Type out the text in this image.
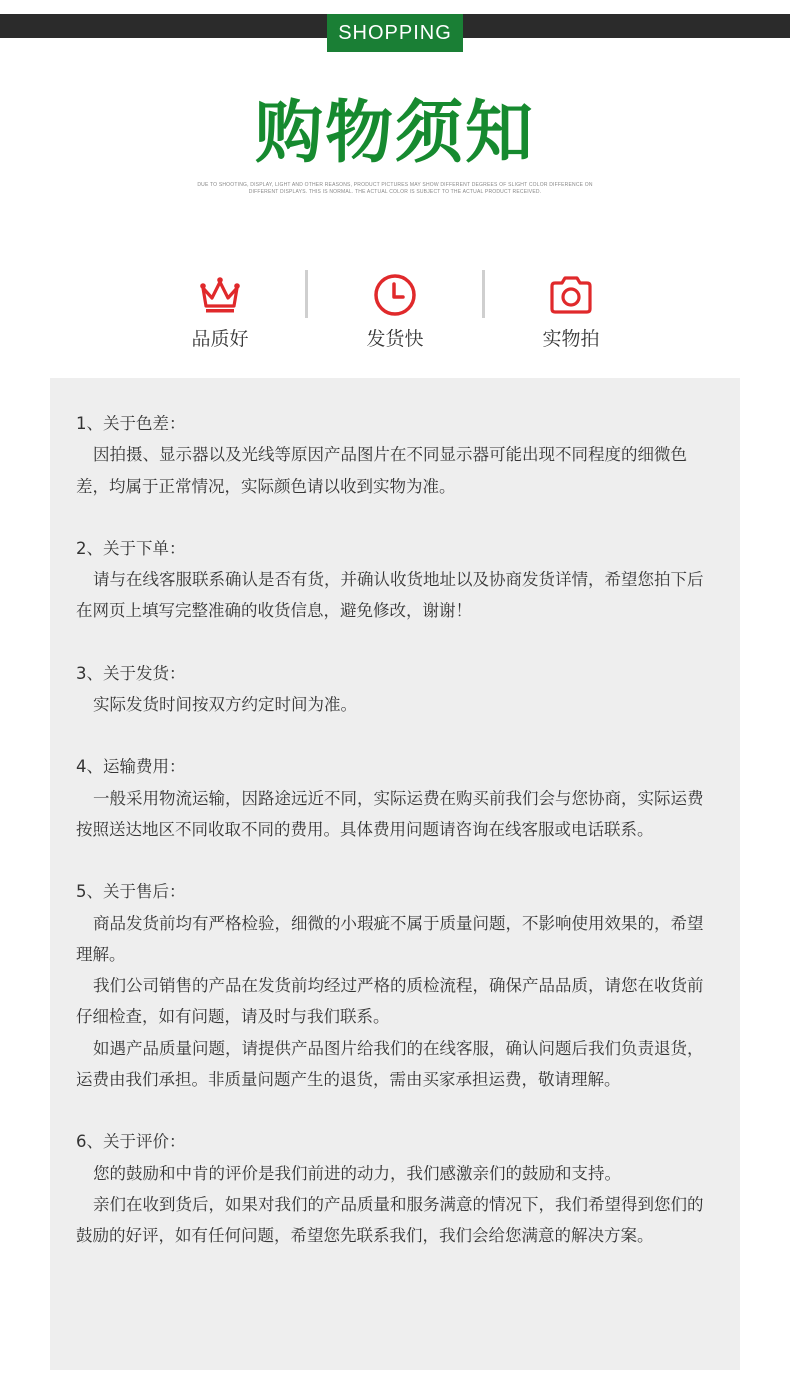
SHOPPING
购物须知
DUE TO SHOOTING, DISPLAY, LIGHT AND OTHER REASONS, PRODUCT PICTURES MAY SHOW DIFFERENT DEGREES OF SLIGHT COLOR DIFFERENCE ON DIFFERENT DISPLAYS. THIS IS NORMAL. THE ACTUAL COLOR IS SUBJECT TO THE ACTUAL PRODUCT RECEIVED.
品质好	发货快	实物拍
1、关于色差：

因拍摄、显示器以及光线等原因产品图片在不同显示器可能出现不同程度的细微色差，均属于正常情况，实际颜色请以收到实物为准。

2、关于下单：

请与在线客服联系确认是否有货，并确认收货地址以及协商发货详情，希望您拍下后在网页上填写完整准确的收货信息，避免修改，谢谢！

3、关于发货：

实际发货时间按双方约定时间为准。

4、运输费用：

一般采用物流运输，因路途远近不同，实际运费在购买前我们会与您协商，实际运费按照送达地区不同收取不同的费用。具体费用问题请咨询在线客服或电话联系。

5、关于售后：

商品发货前均有严格检验，细微的小瑕疵不属于质量问题，不影响使用效果的，希望理解。

我们公司销售的产品在发货前均经过严格的质检流程，确保产品品质，请您在收货前仔细检查，如有问题，请及时与我们联系。

如遇产品质量问题，请提供产品图片给我们的在线客服，确认问题后我们负责退货，运费由我们承担。非质量问题产生的退货，需由买家承担运费，敬请理解。

6、关于评价：

您的鼓励和中肯的评价是我们前进的动力，我们感激亲们的鼓励和支持。

亲们在收到货后，如果对我们的产品质量和服务满意的情况下，我们希望得到您们的鼓励的好评，如有任何问题，希望您先联系我们，我们会给您满意的解决方案。
